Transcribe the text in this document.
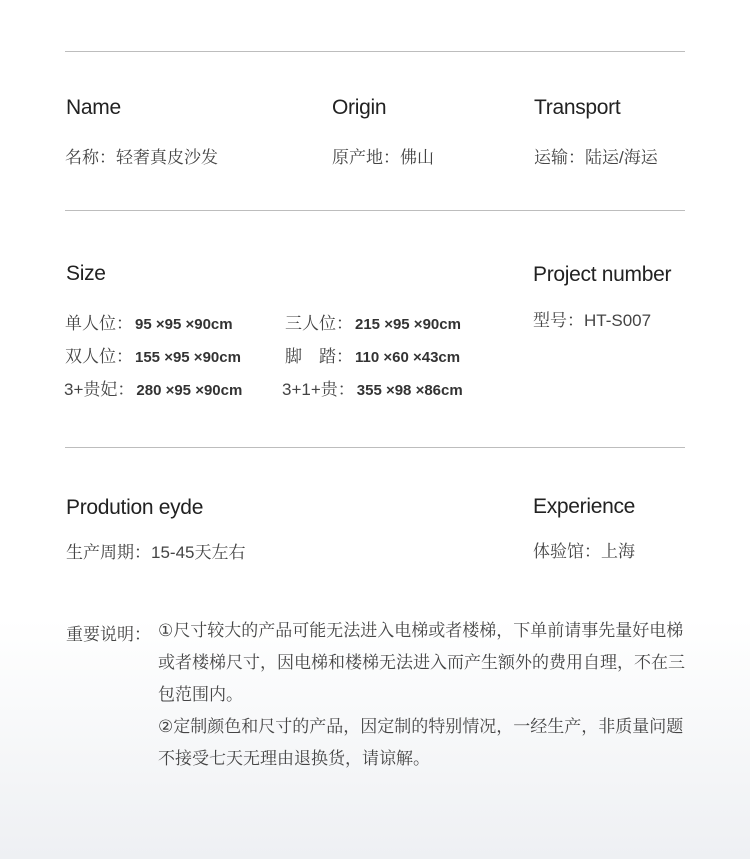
Name
名称：轻奢真皮沙发
Origin
原产地：佛山
Transport
运输：陆运/海运
Size
单人位： 95 ×95 ×90cm	三人位： 215 ×95 ×90cm
双人位： 155 ×95 ×90cm	脚　踏： 110 ×60 ×43cm
3+贵妃： 280 ×95 ×90cm 3+1+贵： 355 ×98 ×86cm
Project number
型号：HT-S007
Prodution eyde
生产周期：15-45天左右
Experience
体验馆：上海
重要说明： ①尺寸较大的产品可能无法进入电梯或者楼梯，下单前请事先量好电梯或者楼梯尺寸，因电梯和楼梯无法进入而产生额外的费用自理，不在三包范围内。

②定制颜色和尺寸的产品，因定制的特别情况，一经生产，非质量问题不接受七天无理由退换货，请谅解。
